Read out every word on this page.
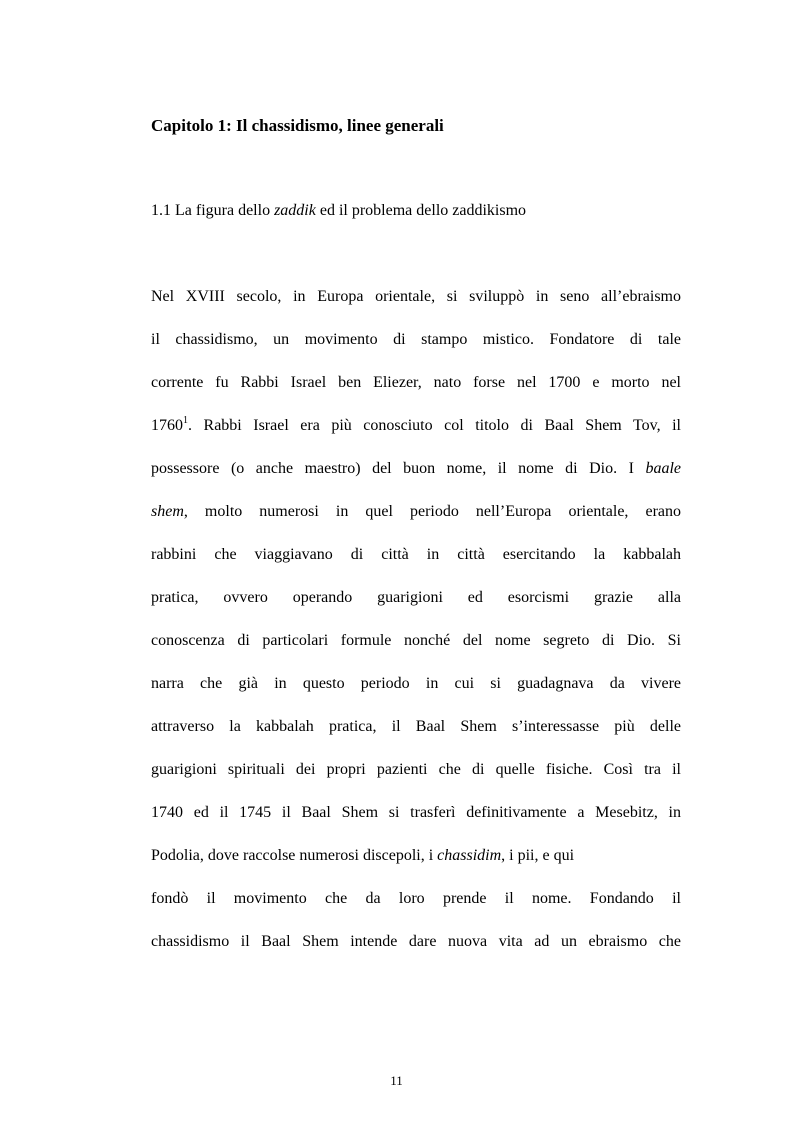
Capitolo 1: Il chassidismo, linee generali
1.1 La figura dello zaddik ed il problema dello zaddikismo

Nel XVIII secolo, in Europa orientale, si sviluppò in seno all’ebraismo

il chassidismo, un movimento di stampo mistico. Fondatore di tale

corrente fu Rabbi Israel ben Eliezer, nato forse nel 1700 e morto nel

1760$^1$. Rabbi Israel era più conosciuto col titolo di Baal Shem Tov, il

possessore (o anche maestro) del buon nome, il nome di Dio. I baale

shem, molto numerosi in quel periodo nell’Europa orientale, erano

rabbini che viaggiavano di città in città esercitando la kabbalah

pratica, ovvero operando guarigioni ed esorcismi grazie alla

conoscenza di particolari formule nonché del nome segreto di Dio. Si

narra che già in questo periodo in cui si guadagnava da vivere

attraverso la kabbalah pratica, il Baal Shem s’interessasse più delle

guarigioni spirituali dei propri pazienti che di quelle fisiche. Così tra il

1740 ed il 1745 il Baal Shem si trasferì definitivamente a Mesebitz, in

Podolia, dove raccolse numerosi discepoli, i chassidim, i pii, e qui

fondò il movimento che da loro prende il nome. Fondando il

chassidismo il Baal Shem intende dare nuova vita ad un ebraismo che

11
